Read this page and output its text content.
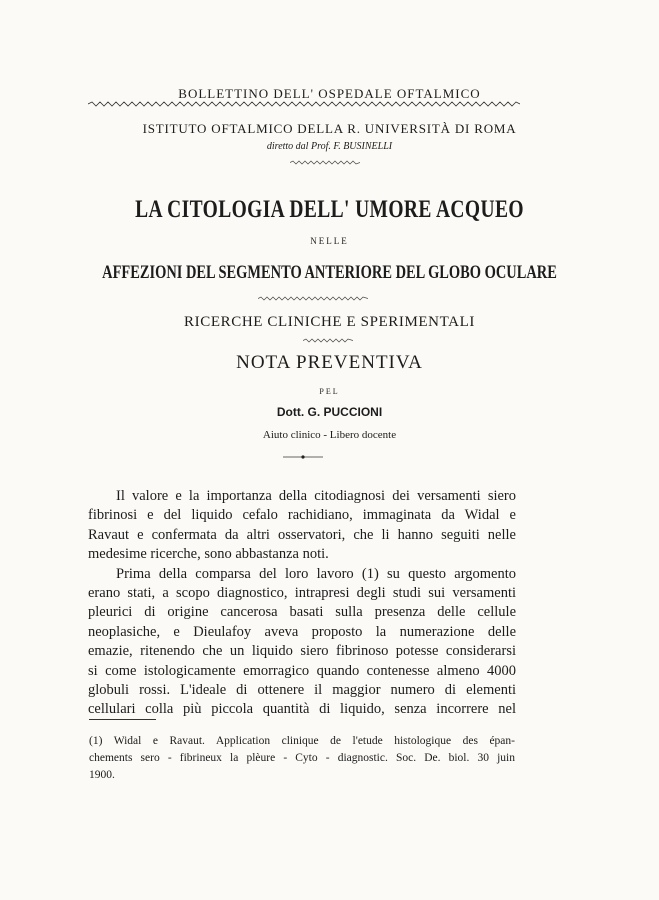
BOLLETTINO DELL' OSPEDALE OFTALMICO
ISTITUTO OFTALMICO DELLA R. UNIVERSITÀ DI ROMA
diretto dal Prof. F. BUSINELLI
LA CITOLOGIA DELL' UMORE ACQUEO
NELLE
AFFEZIONI DEL SEGMENTO ANTERIORE DEL GLOBO OCULARE
RICERCHE CLINICHE E SPERIMENTALI
NOTA PREVENTIVA
PEL
Dott. G. PUCCIONI
Aiuto clinico - Libero docente
Il valore e la importanza della citodiagnosi dei versamenti siero
fibrinosi e del liquido cefalo rachidiano, immaginata da Widal e
Ravaut e confermata da altri osservatori, che li hanno seguiti nelle
medesime ricerche, sono abbastanza noti.
Prima della comparsa del loro lavoro (1) su questo argomento
erano stati, a scopo diagnostico, intrapresi degli studi sui versamenti
pleurici di origine cancerosa basati sulla presenza delle cellule
neoplasiche, e Dieulafoy aveva proposto la numerazione delle
emazie, ritenendo che un liquido siero fibrinoso potesse considerarsi
si come istologicamente emorragico quando contenesse almeno 4000
globuli rossi. L'ideale di ottenere il maggior numero di elementi
cellulari colla più piccola quantità di liquido, senza incorrere nel
(1) Widal e Ravaut. Application clinique de l'etude histologique des épan-
chements sero - fibrineux la plèure - Cyto - diagnostic. Soc. De. biol. 30 juin
1900.
